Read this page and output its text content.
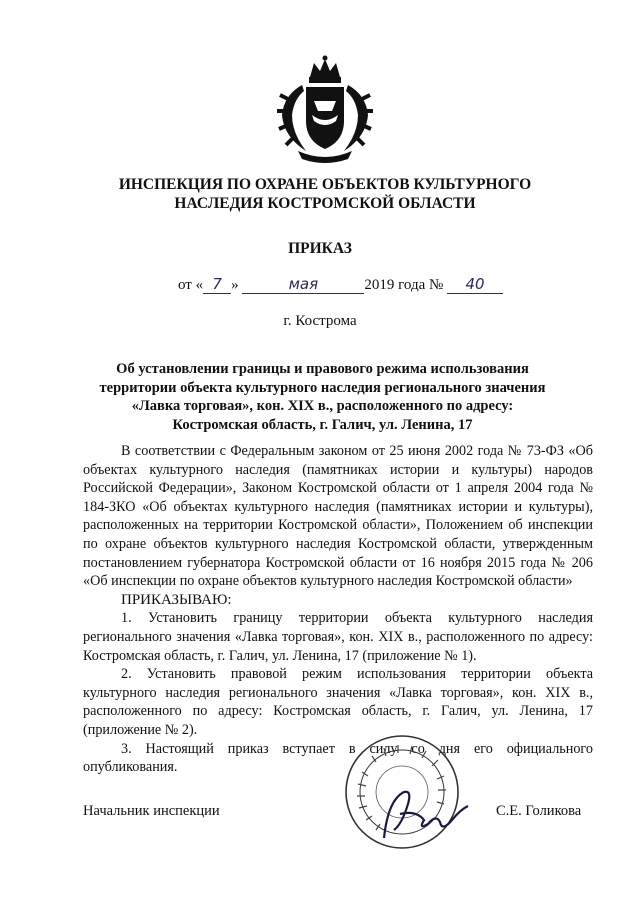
ИНСПЕКЦИЯ ПО ОХРАНЕ ОБЪЕКТОВ КУЛЬТУРНОГО
НАСЛЕДИЯ КОСТРОМСКОЙ ОБЛАСТИ
ПРИКАЗ
от « 7 »	мая	2019 года № 40
г. Кострома
Об установлении границы и правового режима использования
территории объекта культурного наследия регионального значения
«Лавка торговая», кон. XIX в., расположенного по адресу:
Костромская область, г. Галич, ул. Ленина, 17

В соответствии с Федеральным законом от 25 июня 2002 года № 73-ФЗ «Об объектах культурного наследия (памятниках истории и культуры) народов Российской Федерации», Законом Костромской области от 1 апреля 2004 года № 184-ЗКО «Об объектах культурного наследия (памятниках истории и культуры), расположенных на территории Костромской области», Положением об инспекции по охране объектов культурного наследия Костромской области, утвержденным постановлением губернатора Костромской области от 16 ноября 2015 года № 206 «Об инспекции по охране объектов культурного наследия Костромской области»

ПРИКАЗЫВАЮ:

1. Установить границу территории объекта культурного наследия регионального значения «Лавка торговая», кон. XIX в., расположенного по адресу: Костромская область, г. Галич, ул. Ленина, 17 (приложение № 1).

2. Установить правовой режим использования территории объекта культурного наследия регионального значения «Лавка торговая», кон. XIX в., расположенного по адресу: Костромская область, г. Галич, ул. Ленина, 17 (приложение № 2).

3. Настоящий приказ вступает в силу со дня его официального опубликования.

Начальник инспекции	С.Е. Голикова
